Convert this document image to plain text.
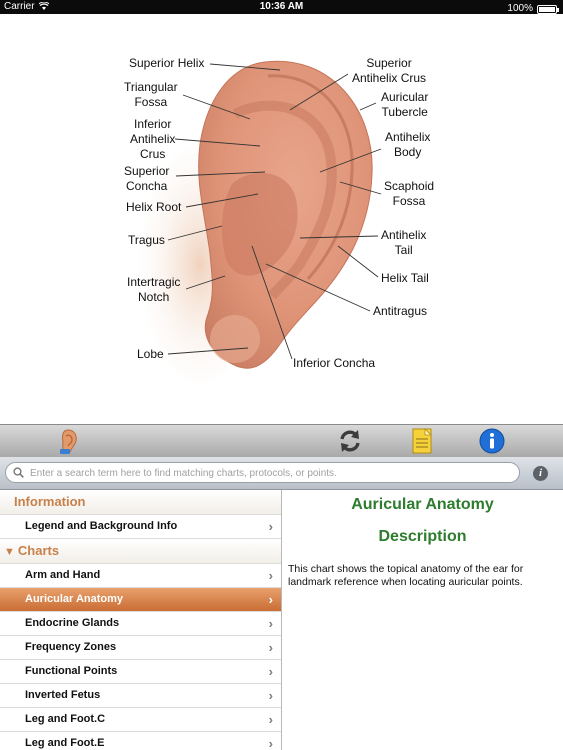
Carrier	10:36 AM	100%
Superior Helix	Superior
Antihelix Crus
Triangular
Fossa	Auricular
Tubercle
Inferior
Antihelix
Crus
Antihelix
Body
Superior
Concha	Scaphoid
Fossa
Helix Root
Tragus	Antihelix
Tail
Helix Tail
Intertragic
Notch
Antitragus
Lobe
Inferior Concha
Enter a search term here to find matching charts, protocols, or points.
i
Information
Legend and Background Info	›
▼ Charts
Arm and Hand	›
Auricular Anatomy	›
Endocrine Glands	›
Frequency Zones	›
Functional Points	›
Inverted Fetus	›
Leg and Foot.C	›
Leg and Foot.E	›
Auricular Anatomy
Description

This chart shows the topical anatomy of the ear for landmark reference when locating auricular points.
